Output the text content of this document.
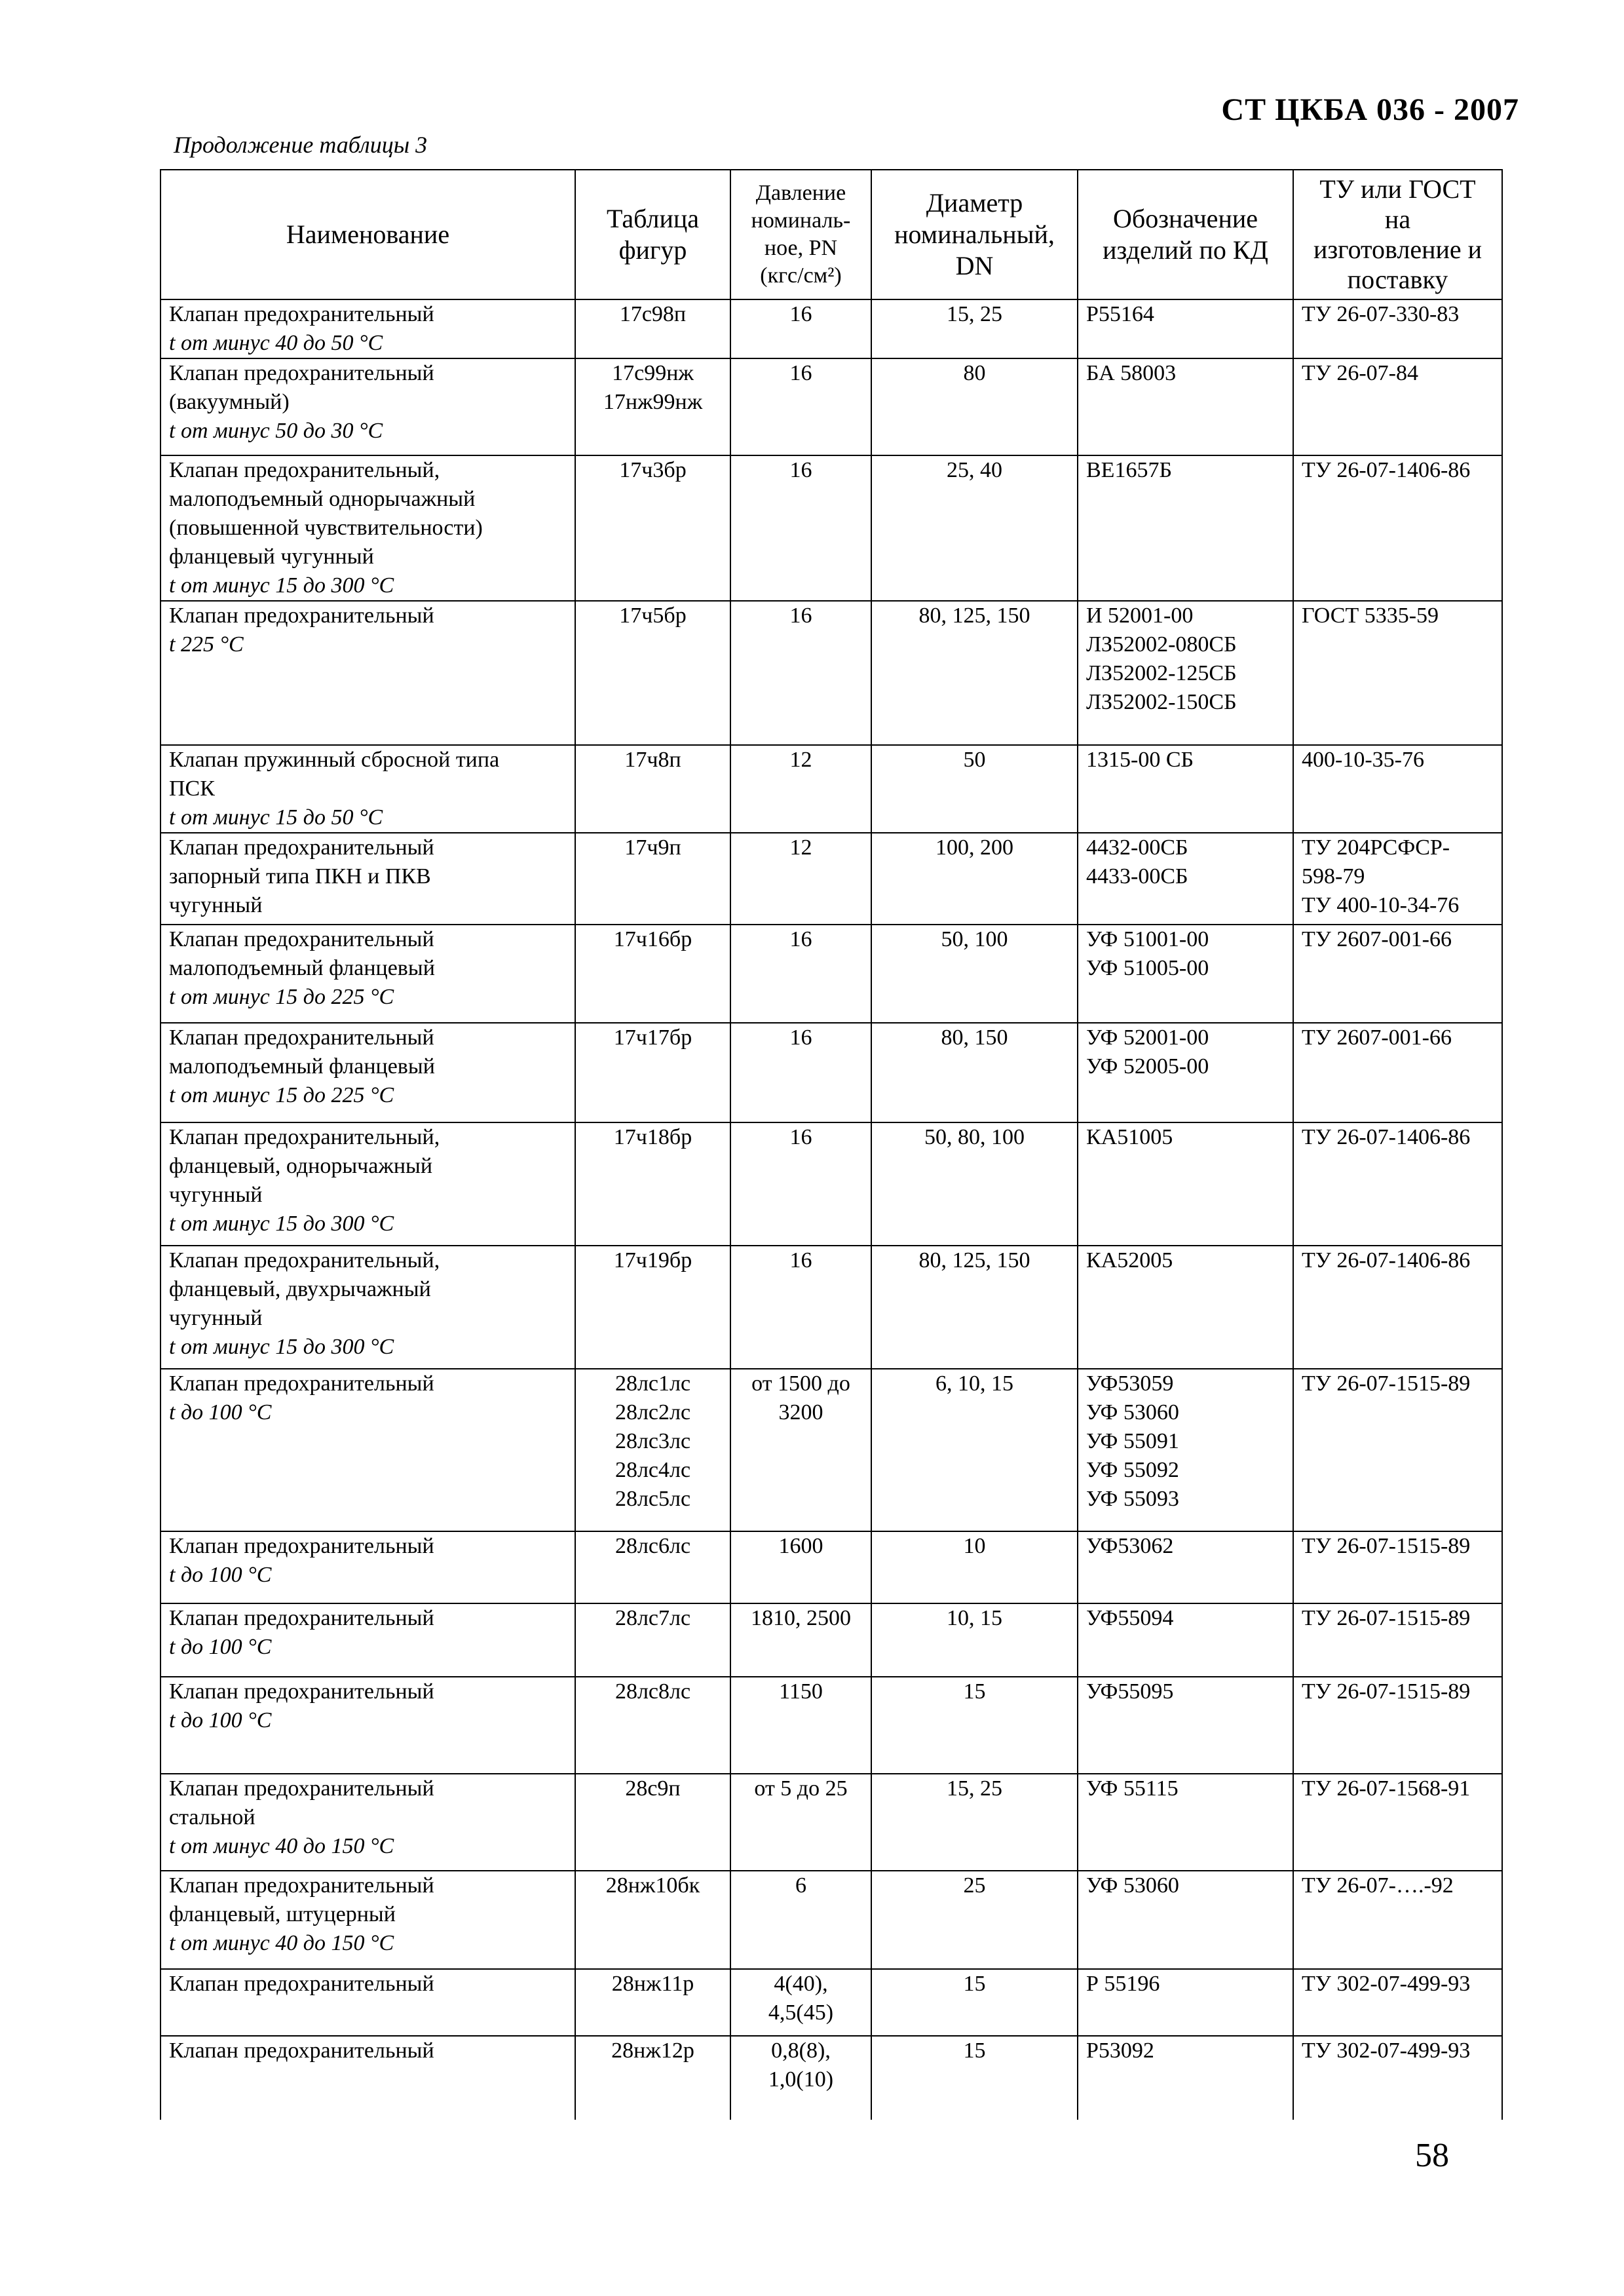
СТ ЦКБА 036 - 2007
Продолжение таблицы 3
Наименование	Таблица
фигур	Давление
номиналь-
ное, PN
(кгс/см²)	Диаметр
номинальный,
DN	Обозначение
изделий по КД	ТУ или ГОСТ
на
изготовление и
поставку

Клапан предохранительный
t от минус 40 до 50 °С	17с98п	16	15, 25	Р55164	ТУ 26-07-330-83

Клапан предохранительный
(вакуумный)
t от минус 50 до 30 °С	17с99нж
17нж99нж	16	80	БА 58003	ТУ 26-07-84

Клапан предохранительный,
малоподъемный однорычажный
(повышенной чувствительности)
фланцевый чугунный
t от минус 15 до 300 °С	17ч3бр	16	25, 40	ВЕ1657Б	ТУ 26-07-1406-86

Клапан предохранительный
t 225 °С	17ч5бр	16	80, 125, 150	И 52001-00
ЛЗ52002-080СБ
ЛЗ52002-125СБ
ЛЗ52002-150СБ	ГОСТ 5335-59

Клапан пружинный сбросной типа
ПСК
t от минус 15 до 50 °С	17ч8п	12	50	1315-00 СБ	400-10-35-76

Клапан предохранительный
запорный типа ПКН и ПКВ
чугунный	17ч9п	12	100, 200	4432-00СБ
4433-00СБ	ТУ 204РСФСР-
598-79
ТУ 400-10-34-76

Клапан предохранительный
малоподъемный фланцевый
t от минус 15 до 225 °С	17ч16бр	16	50, 100	УФ 51001-00
УФ 51005-00	ТУ 2607-001-66

Клапан предохранительный
малоподъемный фланцевый
t от минус 15 до 225 °С	17ч17бр	16	80, 150	УФ 52001-00
УФ 52005-00	ТУ 2607-001-66

Клапан предохранительный,
фланцевый, однорычажный
чугунный
t от минус 15 до 300 °С	17ч18бр	16	50, 80, 100	КА51005	ТУ 26-07-1406-86

Клапан предохранительный,
фланцевый, двухрычажный
чугунный
t от минус 15 до 300 °С	17ч19бр	16	80, 125, 150	КА52005	ТУ 26-07-1406-86

Клапан предохранительный
t до 100 °С	28лс1лс
28лс2лс
28лс3лс
28лс4лс
28лс5лс	от 1500 до
3200	6, 10, 15	УФ53059
УФ 53060
УФ 55091
УФ 55092
УФ 55093	ТУ 26-07-1515-89

Клапан предохранительный
t до 100 °С	28лс6лс	1600	10	УФ53062	ТУ 26-07-1515-89

Клапан предохранительный
t до 100 °С	28лс7лс	1810, 2500	10, 15	УФ55094	ТУ 26-07-1515-89

Клапан предохранительный
t до 100 °С	28лс8лс	1150	15	УФ55095	ТУ 26-07-1515-89

Клапан предохранительный
стальной
t от минус 40 до 150 °С	28с9п	от 5 до 25	15, 25	УФ 55115	ТУ 26-07-1568-91

Клапан предохранительный
фланцевый, штуцерный
t от минус 40 до 150 °С	28нж10бк	6	25	УФ 53060	ТУ 26-07-….-92

Клапан предохранительный	28нж11р	4(40),
4,5(45)	15	Р 55196	ТУ 302-07-499-93

Клапан предохранительный	28нж12р	0,8(8),
1,0(10)	15	Р53092	ТУ 302-07-499-93
58
